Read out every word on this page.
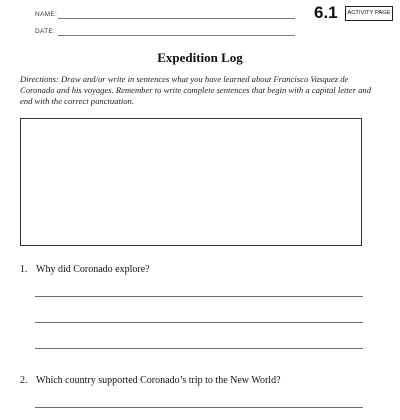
NAME:
DATE:
6.1	ACTIVITY PAGE
Expedition Log
Directions: Draw and/or write in sentences what you have learned about Francisco Vasquez de Coronado and his voyages. Remember to write complete sentences that begin with a capital letter and end with the correct punctuation.
1. Why did Coronado explore?
2. Which country supported Coronado’s trip to the New World?
